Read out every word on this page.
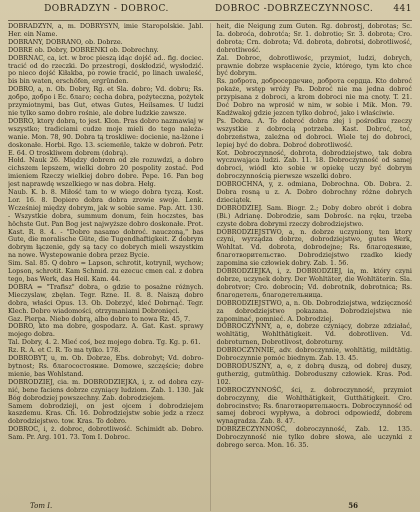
DOBRADZYN - DOBROC.	DOBROC -DOBRZECZYNNOSC. 441

DOBRADZYN, a, m. DOBRYSYN, imie Staropolskie. Jabl. Her. ein Name.

DOBRANY, DOBRANO, ob. Dobrze.

DOBRE ob. Dobry, DOBRENKI ob. Dobrechny.

DOBRNAC, ca, ict. w broc pieszą idąc dojść ad.. fig. dociec. tracić od do rzeczki. Do przestrogi, doskłodzić, wysłodzić. po nieco dojść Kiłakba, po rowie tracić, po linach uwaleść, bis bin waten, erschöfen, ergründen.

DOBRO, a, n. Ob. Dobry, Rg. et Sla. dobro; Vd. dobru; Rs. добро, добро i Ec. благо; cecha dobra, pożyteczna, pożytek przymiotnymi, bas Gut, etwas Gutes, Heilsames. U ludzi nie tylko samo dobro rośnie, ale dobre ludzkie zawsze.

DOBRO, ktory dobra, to jest. Klon. Pras dobro nazmawiaj w wszystko; tradiciami cudze moje mieli do tego należa-wanie. Mon. 78, 90. Dobra tą troskliwe: docienie, na-lżone i doskonałe. Horbi. Rgo. 13. sciemeńle, także w dobroń. Petr. E. 64. O troskliwem dobrem (dobrą).

Hołd. Nauk 26. Między dobrem od złe rozuwdzi, a dobro cichszem lepszem, wielki dobro 20 pospolity zostać. Pod imieniem Rzeczy wielkiej dobro dobre. Pepe. 16. Pan bog jest naprawdę wszelkiego w nas dobra. Hełg.

Naub. K. b. 8. Miłość tam to w wiego dobra tyczą. Kost. Lor. 16. 8. Dopiero dobra dobra zrowie swoje. Lenk. Wcześniej między dobrym, jak w sobie same. Pap. Att. 130. - Wszystkie dobra, summum donum, fein hoczstes, bas höchste Gut. Pan Bog jest najwyższe dobro doskonałe. Prot.

Kast. R. 8. 4. - "Dobro nasamo dobroć. nauczoną," bas Gute, die moralische Güte, die Tugendhaftigkeit. Z dobrym dobrym łączenie, gdy są tacy co dobrych mieli wszystkim na nowe. Wystepowanie dobra przez Bycie.

Sim. Sal. 85. Q dobro = Lapson, schrotit, kotrynil, wychow; Lopson, schrotit. Kam Schmid. zu ezecuc cmen cal. z dobra tego, bas Werk, das Heil. Kam. 44.

DOBRA = "Trafisz" dobra, o gdzie to posażne różnych. Mieczyslaw, zbęłan. Tegr. Rzne. II. 8. 8. Naiszą dobro dobra, właści Opus. 13. Ob. Dobrzyć, kleć Dobrnąć. Tegr. Klech. Dobro wiadomości, otrzymaniami Dobronięci.

Gaz. Pierpa. Niebo dobrą, albo dobro to nowa Rz. 45, 7.

DOBRO, kto ma dobre, gospodarz. A. Gat. Kast. sprawy mojego dobra.

Tal. Dobry, 4. 2. Mieć coś, bez mojego dobra. Tg. Kg. p. 61.

Rz. R. A. et C. R. To ma tylko. 178.

DOBROBYT, u, m. Ob. Dobrze, Ebs. dobrobyt; Vd. dobro-bytnost; Rs. благосостояние. Domowe, szczęście; dobre mienie, bas Wohlstand.

DOBRODZIEJ, cia. m. DOBRODZIEJKA, i, z. od dobra czy-nić, bene faciens dobrze czyniący ludziom. Zab. 1. 130. Jak Bóg dobrodziej powszechny. Zab. dobrodziejem.

Samem dobrodzieji, on jest ojcem i dobrodziejem kaszdemu. Kras. Ch. 16. Dobrodziejstw sobie jedz a rzecz dobrodziejstwo. tow. Kras. To dobro.

DOBROC, i, ż. dobroc, dobrotliwość. Schimidt ab. Dobro. Sam. Pr. Arg. 101. 73. Tom I. Dobroc.

heit, die Neigung zum Guten. Rg. dobrostj, dobrotas; Sc. Ia. dobroća, dobrotća; Sr. 1. dobrotio; Sr. 3. dobrota; Cro. dobrota; Crn. dobrota; Vd. dobrota, dobrotsi, dobrotliwość, dobrotliwość.

Zal. Dobroc, dobrotliwośc, przymiot, ludzi, dobrych, prawnie dobrze wspłacenie życie, którego, tym kto chce być dobrym.

Rs. доброта, добросердечие, доброта сердца. Kto dobroć pokaże, wstęp wróży Pa. Dobroć nie ma jedna dobroć przypisana z dobroci, a krom dobroci nie ma cnoty. T. 21. Doć Dobro na wprosić w nim, w sobie i Mik. Mon. 79. Kadźwakoj gdzie jezcen tylko dobroć, jako i właściwie.

Ps. Dobra. A. To dobroć dobra złej i pośrodku rzeczy wszystkie z dobrocią potrzeba. Kast. Dobroć, toć, dobrzeństwa, zależna od dobroci. Wiele tej do dobroci, lepiej być do dobra. Dobroć dobrotliwość.

Kot. Dobroczynność, dobrota, dobrodziejstwo, tak dobra wyczuwająca ludzi. Zab. 11. 18. Dobroczynność od samej dobroci, wiódl kto sobie w opiekę uczy być dobrym dobroczynnością pierwsze wszelki dobro.

DOBROCHNA, y, z. odmiana, Dobrochna. Ob. Dobra. 2. Dobra rosną u z. A. Dobro dobrochny różne dobrych dzieciątek.

DOBRODZIEJ. Sam. Biogr. 2.; Doby dobro obrót i dobra (Bi.) Adrianę. Dobrodzie, sam Dobrośc. na ręku, trzeba czyste dobra dobrymi rzeczy dobrodziejstwo.

DOBRODZIEJSTWO, a, n. dobrze uczyniony, ten ktory czyni, wyrządza dobrze, dobrodziejstwo, gutes Werk, Wohltat. Vd. dobrota, dobrodejne; Rs. благодеяние, благотворительство. Dobrodziejstwo rzadko kiedy zapomina sie człowiek dobry. Zab. 1. 56.

DOBRODZIEJKA, i, z. DOBRODZIEJ, ia, m. który czyni dobrze, uczynek dobry. Der Wohltäter, die Wohltäterin. Sla. dobrotvor; Cro. dobrocin; Vd. dobrotnik, dobrotnica; Rs. благодетель, благодетельница.

DOBRODZIEJSTWO, a, n. Ob. Dobrodziejstwa, wdzięczność za dobrodziejstwo pokazana. Dobrodziejstwa nie zapominać, pomnieć. A. Dobrodziej.

DOBROCZYNNY, a, e, dobrze czyniący, dobrze zdziałać, wohltätig, Wohlthätigkeit. Vd. dobrotliven. Vd. dobroturnen, Dobrotlivost, dobroturny.

DOBROCZYNNIE, adv. dobroczynnie, wohltätig, mildtätig. Dobroczynnie pomóc biednym. Zab. 13. 45.

DOBRODUSZNY, a, e, z dobrą duszą, od dobrej duszy, gutherzig, gutmüthig. Dobroduszny człowiek. Kras. Pod. 102.

DOBROCZYNNOŚĆ, ści, z. dobroczynność, przymiot dobroczynny, die Wohlthätigkeit, Gutthätigkeit. Cro. dobrocinstvo; Rs. благотворительность. Dobroczynność od samej dobroci wypływa, a dobroci odpowiedź, dobrem wynagradza. Zab. 8. 47.

DOBRZECZYNNOŚĆ, dobroczynność, Zab. 12. 135. Dobroczynność nie tylko dobre słowa, ale uczynki z dobrego serca. Mon. 16. 35.

Tom I.	56
